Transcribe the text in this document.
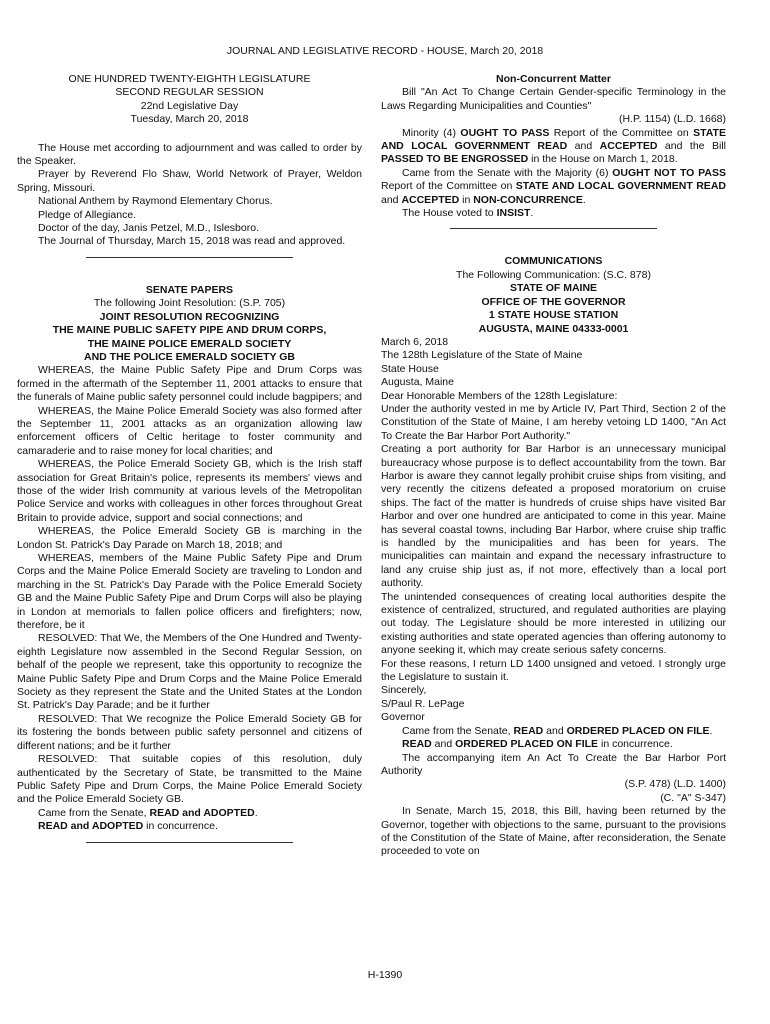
JOURNAL AND LEGISLATIVE RECORD - HOUSE, March 20, 2018

ONE HUNDRED TWENTY-EIGHTH LEGISLATURE

SECOND REGULAR SESSION

22nd Legislative Day

Tuesday, March 20, 2018

The House met according to adjournment and was called to order by the Speaker.

Prayer by Reverend Flo Shaw, World Network of Prayer, Weldon Spring, Missouri.

National Anthem by Raymond Elementary Chorus.

Pledge of Allegiance.

Doctor of the day, Janis Petzel, M.D., Islesboro.

The Journal of Thursday, March 15, 2018 was read and approved.

SENATE PAPERS

The following Joint Resolution: (S.P. 705)

JOINT RESOLUTION RECOGNIZING

THE MAINE PUBLIC SAFETY PIPE AND DRUM CORPS,

THE MAINE POLICE EMERALD SOCIETY

AND THE POLICE EMERALD SOCIETY GB

WHEREAS, the Maine Public Safety Pipe and Drum Corps was formed in the aftermath of the September 11, 2001 attacks to ensure that the funerals of Maine public safety personnel could include bagpipers; and

WHEREAS, the Maine Police Emerald Society was also formed after the September 11, 2001 attacks as an organization allowing law enforcement officers of Celtic heritage to foster community and camaraderie and to raise money for local charities; and

WHEREAS, the Police Emerald Society GB, which is the Irish staff association for Great Britain's police, represents its members' views and those of the wider Irish community at various levels of the Metropolitan Police Service and works with colleagues in other forces throughout Great Britain to provide advice, support and social connections; and

WHEREAS, the Police Emerald Society GB is marching in the London St. Patrick's Day Parade on March 18, 2018; and

WHEREAS, members of the Maine Public Safety Pipe and Drum Corps and the Maine Police Emerald Society are traveling to London and marching in the St. Patrick's Day Parade with the Police Emerald Society GB and the Maine Public Safety Pipe and Drum Corps will also be playing in London at memorials to fallen police officers and firefighters; now, therefore, be it

RESOLVED: That We, the Members of the One Hundred and Twenty-eighth Legislature now assembled in the Second Regular Session, on behalf of the people we represent, take this opportunity to recognize the Maine Public Safety Pipe and Drum Corps and the Maine Police Emerald Society as they represent the State and the United States at the London St. Patrick's Day Parade; and be it further

RESOLVED: That We recognize the Police Emerald Society GB for its fostering the bonds between public safety personnel and citizens of different nations; and be it further

RESOLVED: That suitable copies of this resolution, duly authenticated by the Secretary of State, be transmitted to the Maine Public Safety Pipe and Drum Corps, the Maine Police Emerald Society and the Police Emerald Society GB.

Came from the Senate, READ and ADOPTED.

READ and ADOPTED in concurrence.

Non-Concurrent Matter

Bill "An Act To Change Certain Gender-specific Terminology in the Laws Regarding Municipalities and Counties"

(H.P. 1154) (L.D. 1668)

Minority (4) OUGHT TO PASS Report of the Committee on STATE AND LOCAL GOVERNMENT READ and ACCEPTED and the Bill PASSED TO BE ENGROSSED in the House on March 1, 2018.

Came from the Senate with the Majority (6) OUGHT NOT TO PASS Report of the Committee on STATE AND LOCAL GOVERNMENT READ and ACCEPTED in NON-CONCURRENCE.

The House voted to INSIST.

COMMUNICATIONS

The Following Communication: (S.C. 878)

STATE OF MAINE

OFFICE OF THE GOVERNOR

1 STATE HOUSE STATION

AUGUSTA, MAINE 04333-0001

March 6, 2018

The 128th Legislature of the State of Maine

State House

Augusta, Maine

Dear Honorable Members of the 128th Legislature:

Under the authority vested in me by Article IV, Part Third, Section 2 of the Constitution of the State of Maine, I am hereby vetoing LD 1400, "An Act To Create the Bar Harbor Port Authority."

Creating a port authority for Bar Harbor is an unnecessary municipal bureaucracy whose purpose is to deflect accountability from the town. Bar Harbor is aware they cannot legally prohibit cruise ships from visiting, and very recently the citizens defeated a proposed moratorium on cruise ships. The fact of the matter is hundreds of cruise ships have visited Bar Harbor and over one hundred are anticipated to come in this year. Maine has several coastal towns, including Bar Harbor, where cruise ship traffic is handled by the municipalities and has been for years. The municipalities can maintain and expand the necessary infrastructure to land any cruise ship just as, if not more, effectively than a local port authority.

The unintended consequences of creating local authorities despite the existence of centralized, structured, and regulated authorities are playing out today. The Legislature should be more interested in utilizing our existing authorities and state operated agencies than offering autonomy to anyone seeking it, which may create serious safety concerns.

For these reasons, I return LD 1400 unsigned and vetoed. I strongly urge the Legislature to sustain it.

Sincerely,

S/Paul R. LePage

Governor

Came from the Senate, READ and ORDERED PLACED ON FILE.

READ and ORDERED PLACED ON FILE in concurrence.

The accompanying item An Act To Create the Bar Harbor Port Authority

(S.P. 478) (L.D. 1400)

(C. "A" S-347)

In Senate, March 15, 2018, this Bill, having been returned by the Governor, together with objections to the same, pursuant to the provisions of the Constitution of the State of Maine, after reconsideration, the Senate proceeded to vote on

H-1390
